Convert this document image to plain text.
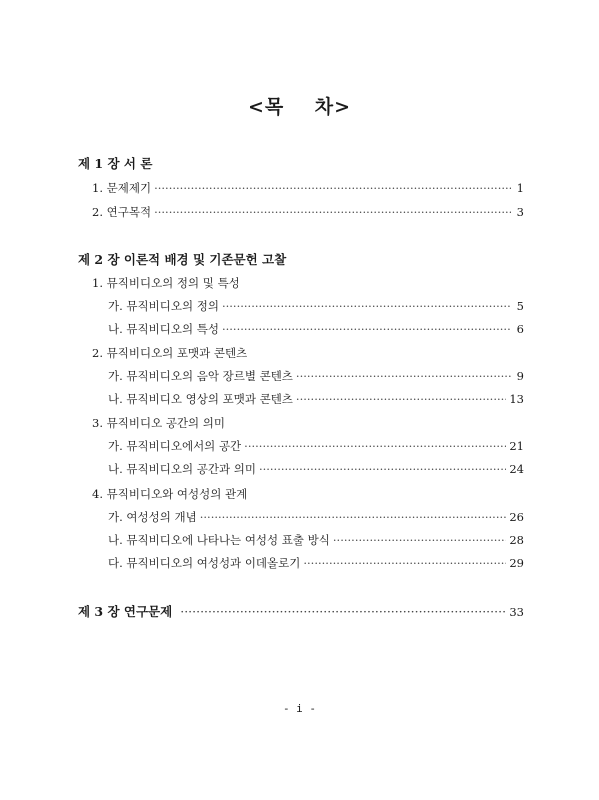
<목    차>
제 1 장 서 론
1. 문제제기 ·····	1
2. 연구목적 ·····	3
제 2 장 이론적 배경 및 기존문헌 고찰
1. 뮤직비디오의 정의 및 특성
가. 뮤직비디오의 정의 ·····	5
나. 뮤직비디오의 특성 ·····	6
2. 뮤직비디오의 포맷과 콘텐츠
가. 뮤직비디오의 음악 장르별 콘텐츠 ·····	9
나. 뮤직비디오 영상의 포맷과 콘텐츠 ·····	13
3. 뮤직비디오 공간의 의미
가. 뮤직비디오에서의 공간 ·····	21
나. 뮤직비디오의 공간과 의미 ·····	24
4. 뮤직비디오와 여성성의 관계
가. 여성성의 개념 ·····	26
나. 뮤직비디오에 나타나는 여성성 표출 방식 ·····	28
다. 뮤직비디오의 여성성과 이데올로기 ·····	29
제 3 장 연구문제 ·····	33
- i -
